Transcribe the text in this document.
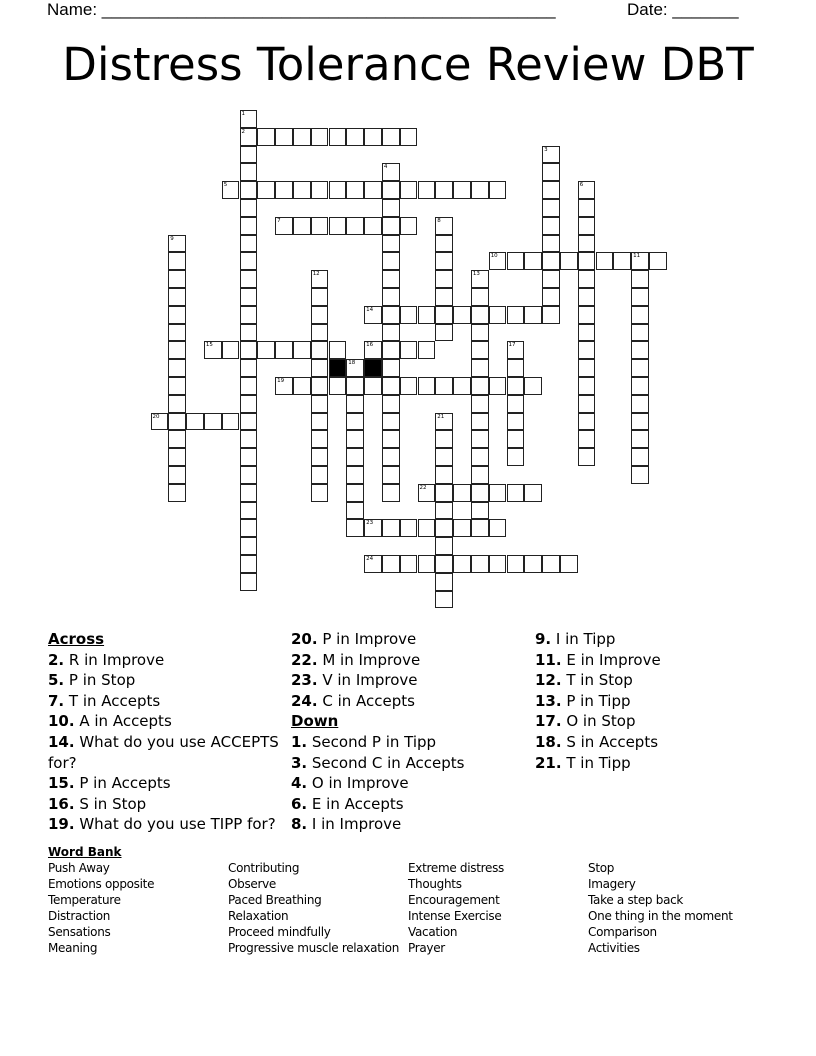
Name: ________________________________________________	Date: _______
Distress Tolerance Review DBT
1
2
3
4
5	6
7	8
9
10	11
12	13
14
15	16	17
18
19
20	21
22
23
24
Across
2. R in Improve
5. P in Stop
7. T in Accepts
10. A in Accepts
14. What do you use ACCEPTS for?
15. P in Accepts
16. S in Stop
19. What do you use TIPP for?
20. P in Improve
22. M in Improve
23. V in Improve
24. C in Accepts
Down
1. Second P in Tipp
3. Second C in Accepts
4. O in Improve
6. E in Accepts
8. I in Improve
9. I in Tipp
11. E in Improve
12. T in Stop
13. P in Tipp
17. O in Stop
18. S in Accepts
21. T in Tipp
Word Bank
Push Away
Emotions opposite
Temperature
Distraction
Sensations
Meaning
Contributing
Observe
Paced Breathing
Relaxation
Proceed mindfully
Progressive muscle relaxation
Extreme distress
Thoughts
Encouragement
Intense Exercise
Vacation
Prayer
Stop
Imagery
Take a step back
One thing in the moment
Comparison
Activities
